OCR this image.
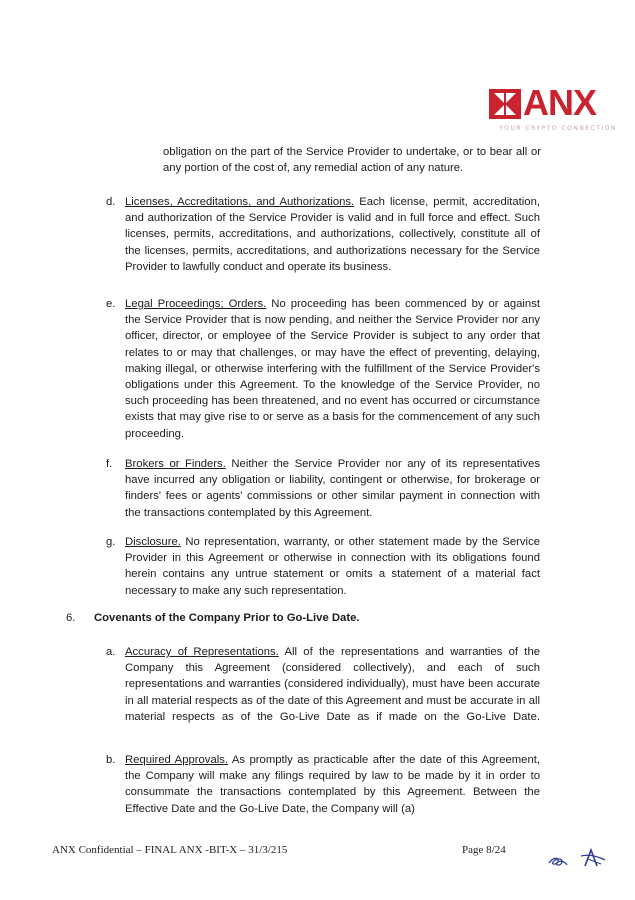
ANX
YOUR CRYPTO CONNECTION

obligation on the part of the Service Provider to undertake, or to bear all or any portion of the cost of, any remedial action of any nature.

d. Licenses, Accreditations, and Authorizations. Each license, permit, accreditation, and authorization of the Service Provider is valid and in full force and effect. Such licenses, permits, accreditations, and authorizations, collectively, constitute all of the licenses, permits, accreditations, and authorizations necessary for the Service Provider to lawfully conduct and operate its business.

e. Legal Proceedings; Orders. No proceeding has been commenced by or against the Service Provider that is now pending, and neither the Service Provider nor any officer, director, or employee of the Service Provider is subject to any order that relates to or may that challenges, or may have the effect of preventing, delaying, making illegal, or otherwise interfering with the fulfillment of the Service Provider's obligations under this Agreement. To the knowledge of the Service Provider, no such proceeding has been threatened, and no event has occurred or circumstance exists that may give rise to or serve as a basis for the commencement of any such proceeding.

f. Brokers or Finders. Neither the Service Provider nor any of its representatives have incurred any obligation or liability, contingent or otherwise, for brokerage or finders' fees or agents' commissions or other similar payment in connection with the transactions contemplated by this Agreement.

g. Disclosure. No representation, warranty, or other statement made by the Service Provider in this Agreement or otherwise in connection with its obligations found herein contains any untrue statement or omits a statement of a material fact necessary to make any such representation.

6. Covenants of the Company Prior to Go-Live Date.
a. Accuracy of Representations. All of the representations and warranties of the Company this Agreement (considered collectively), and each of such representations and warranties (considered individually), must have been accurate in all material respects as of the date of this Agreement and must be accurate in all material respects as of the Go-Live Date as if made on the Go-Live Date.

b. Required Approvals. As promptly as practicable after the date of this Agreement, the Company will make any filings required by law to be made by it in order to consummate the transactions contemplated by this Agreement. Between the Effective Date and the Go-Live Date, the Company will (a)

ANX Confidential – FINAL ANX -BIT-X – 31/3/215	Page 8/24
